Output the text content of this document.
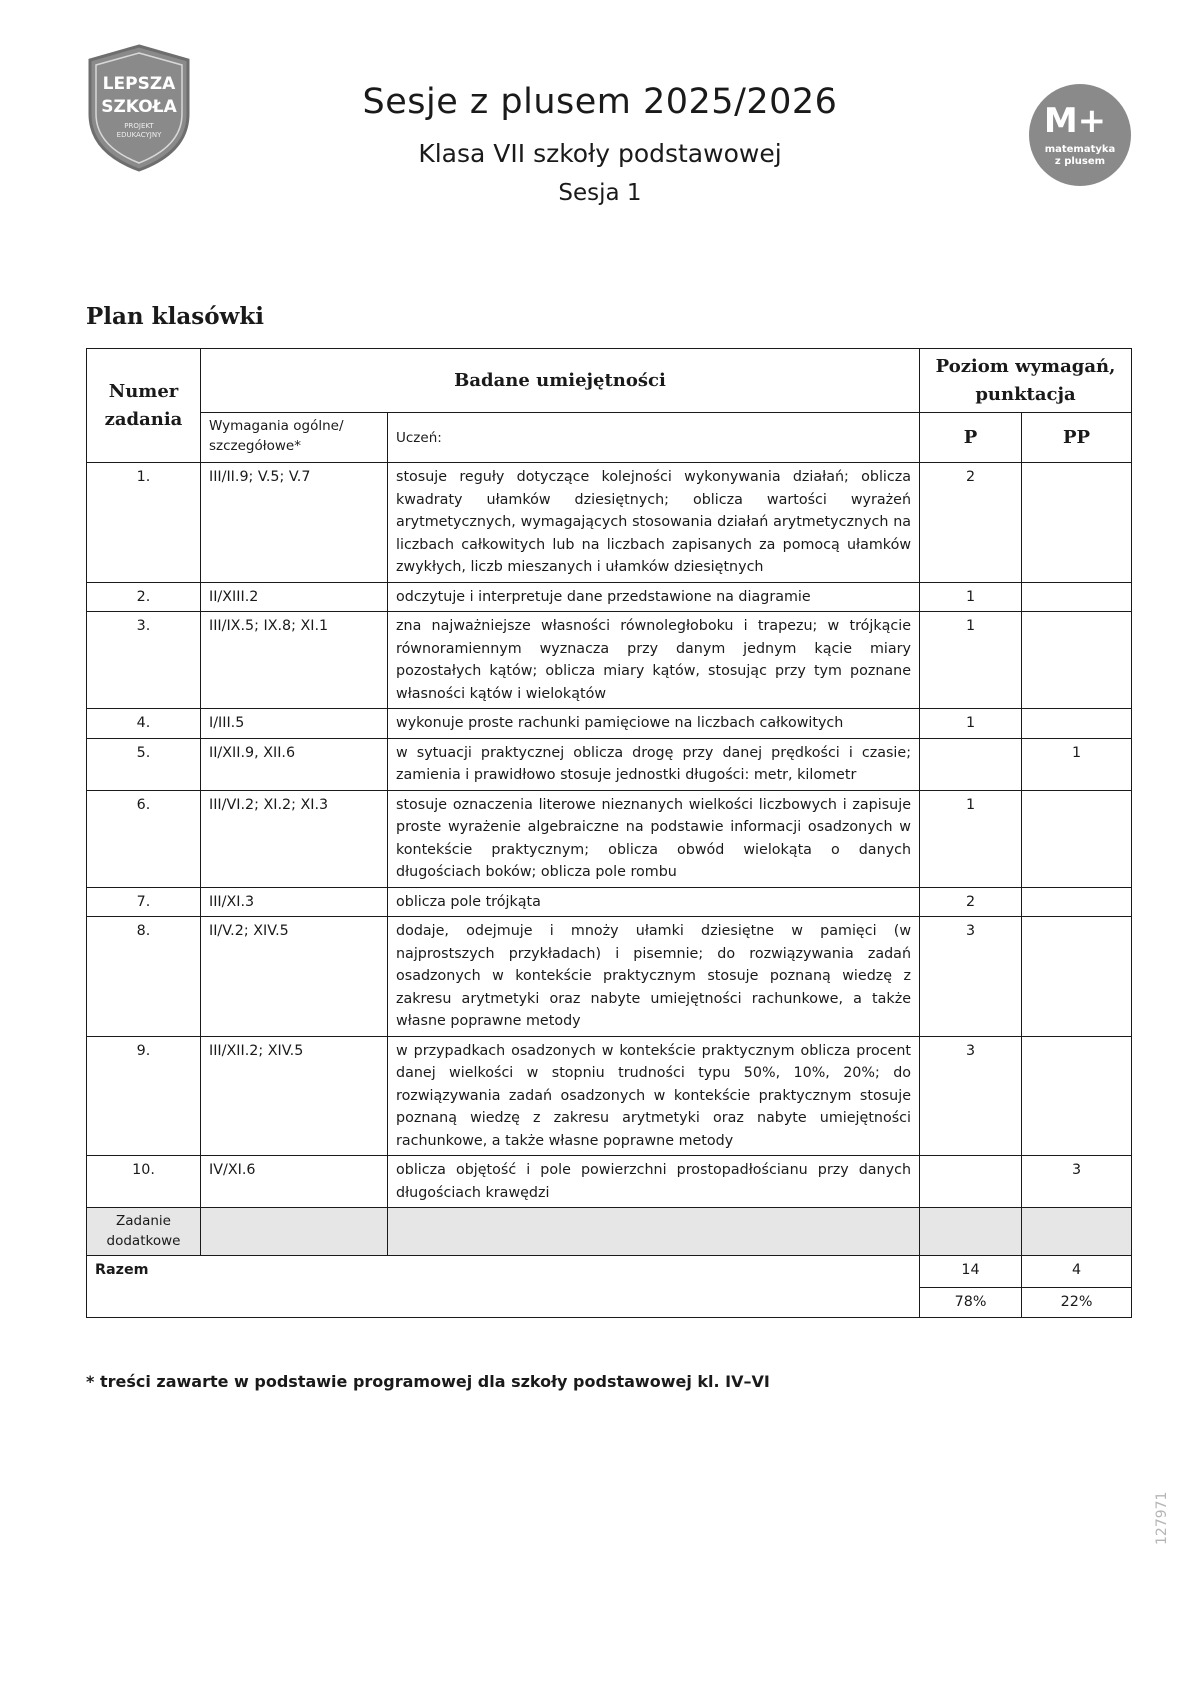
LEPSZA
SZKOŁA
PROJEKT
EDUKACYJNY	M+
matematyka
z plusem
Sesje z plusem 2025/2026
Klasa VII szkoły podstawowej
Sesja 1
Plan klasówki
Numer zadania	Badane umiejętności		Poziom wymagań, punktacja	
	Wymagania ogólne/ szczegółowe*	Uczeń:	P	PP
1.	III/II.9; V.5; V.7	stosuje reguły dotyczące kolejności wykonywania działań; oblicza kwadraty ułamków dziesiętnych; oblicza wartości wyrażeń arytmetycznych, wymagających stosowania działań arytmetycznych na liczbach całkowitych lub na liczbach zapisanych za pomocą ułamków zwykłych, liczb mieszanych i ułamków dziesiętnych	2	
2.	II/XIII.2	odczytuje i interpretuje dane przedstawione na diagramie	1	
3.	III/IX.5; IX.8; XI.1	zna najważniejsze własności równoległoboku i trapezu; w trójkącie równoramiennym wyznacza przy danym jednym kącie miary pozostałych kątów; oblicza miary kątów, stosując przy tym poznane własności kątów i wielokątów	1	
4.	I/III.5	wykonuje proste rachunki pamięciowe na liczbach całkowitych	1	
5.	II/XII.9, XII.6	w sytuacji praktycznej oblicza drogę przy danej prędkości i czasie; zamienia i prawidłowo stosuje jednostki długości: metr, kilometr		1
6.	III/VI.2; XI.2; XI.3	stosuje oznaczenia literowe nieznanych wielkości liczbowych i zapisuje proste wyrażenie algebraiczne na podstawie informacji osadzonych w kontekście praktycznym; oblicza obwód wielokąta o danych długościach boków; oblicza pole rombu	1	
7.	III/XI.3	oblicza pole trójkąta	2	
8.	II/V.2; XIV.5	dodaje, odejmuje i mnoży ułamki dziesiętne w pamięci (w najprostszych przykładach) i pisemnie; do rozwiązywania zadań osadzonych w kontekście praktycznym stosuje poznaną wiedzę z zakresu arytmetyki oraz nabyte umiejętności rachunkowe, a także własne poprawne metody	3	
9.	III/XII.2; XIV.5	w przypadkach osadzonych w kontekście praktycznym oblicza procent danej wielkości w stopniu trudności typu 50%, 10%, 20%; do rozwiązywania zadań osadzonych w kontekście praktycznym stosuje poznaną wiedzę z zakresu arytmetyki oraz nabyte umiejętności rachunkowe, a także własne poprawne metody	3	
10.	IV/XI.6	oblicza objętość i pole powierzchni prostopadłościanu przy danych długościach krawędzi		3
Zadanie dodatkowe				
Razem			14	4
			78%	22%
* treści zawarte w podstawie programowej dla szkoły podstawowej kl. IV–VI
127971
